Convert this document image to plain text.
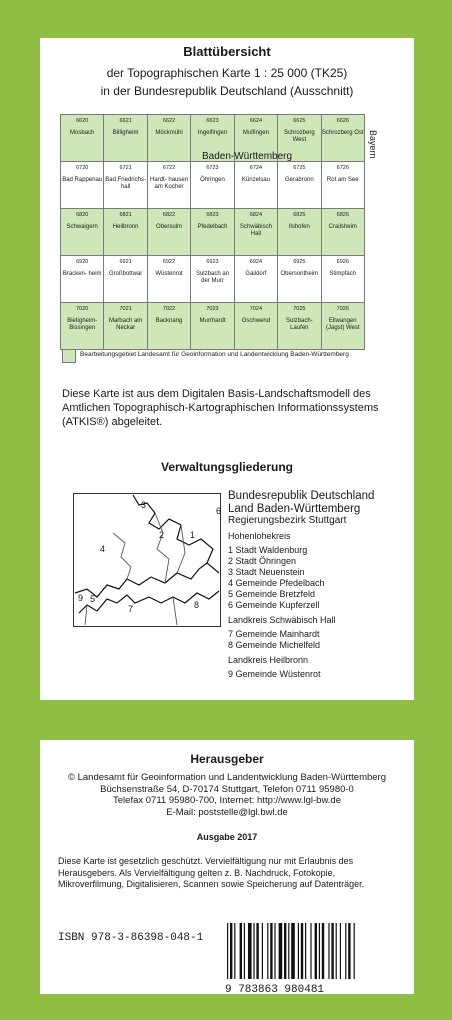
Blattübersicht
der Topographischen Karte 1 : 25 000 (TK25)
in der Bundesrepublik Deutschland (Ausschnitt)
6620
Mosbach
6621
Billigheim
6622
Möckmühl
6623
Ingelfingen
6624
Mulfingen
6625
Schrozberg West
6626
Schrozberg Ost
6720
Bad Rappenau
6721
Bad Friedrichs- hall
6722
Hardt- hausen am Kocher
6723
Öhringen
6724
Künzelsau
6725
Gerabronn
6726
Rot am See
6820
Schwaigern
6821
Heilbronn
6822
Obersulm
6823
Pfedelbach
6824
Schwäbisch Hall
6825
Ilshofen
6826
Crailsheim
6920
Bracken- heim
6921
Großbottwar
6922
Wüstenrot
6923
Sulzbach an der Murr
6924
Gaildorf
6925
Obersontheim
6926
Stimpfach
7020
Bietigheim- Bissingen
7021
Marbach am Neckar
7022
Backnang
7023
Murrhardt
7024
Gschwend
7025
Sulzbach- Laufen
7026
Ellwangen (Jagst) West
Baden-Württemberg	Bayern
Bearbeitungsgebiet Landesamt für Geoinformation und Landentwicklung Baden-Württemberg
Diese Karte ist aus dem Digitalen Basis-Landschaftsmodell des Amtlichen Topographisch-Kartographischen Informationssystems (ATKIS®) abgeleitet.
Verwaltungsgliederung
1
2
3
4
5
6
7	8
9
Bundesrepublik Deutschland
Land Baden-Württemberg
Regierungsbezirk Stuttgart
Hohenlohekreis
1 Stadt Waldenburg
2 Stadt Öhringen
3 Stadt Neuenstein
4 Gemeinde Pfedelbach
5 Gemeinde Bretzfeld
6 Gemeinde Kupferzell
Landkreis Schwäbisch Hall
7 Gemeinde Mainhardt
8 Gemeinde Michelfeld
Landkreis Heilbronn
9 Gemeinde Wüstenrot
Herausgeber
© Landesamt für Geoinformation und Landentwicklung Baden-Württemberg
Büchsenstraße 54, D-70174 Stuttgart, Telefon 0711 95980-0
Telefax 0711 95980-700, Internet: http://www.lgl-bw.de
E-Mail: poststelle@lgl.bwl.de
Ausgabe 2017
Diese Karte ist gesetzlich geschützt. Vervielfältigung nur mit Erlaubnis des Herausgebers. Als Vervielfältigung gelten z. B. Nachdruck, Fotokopie, Mikroverfilmung, Digitalisieren, Scannen sowie Speicherung auf Datenträger.
ISBN 978-3-86398-048-1
9 783863 980481
